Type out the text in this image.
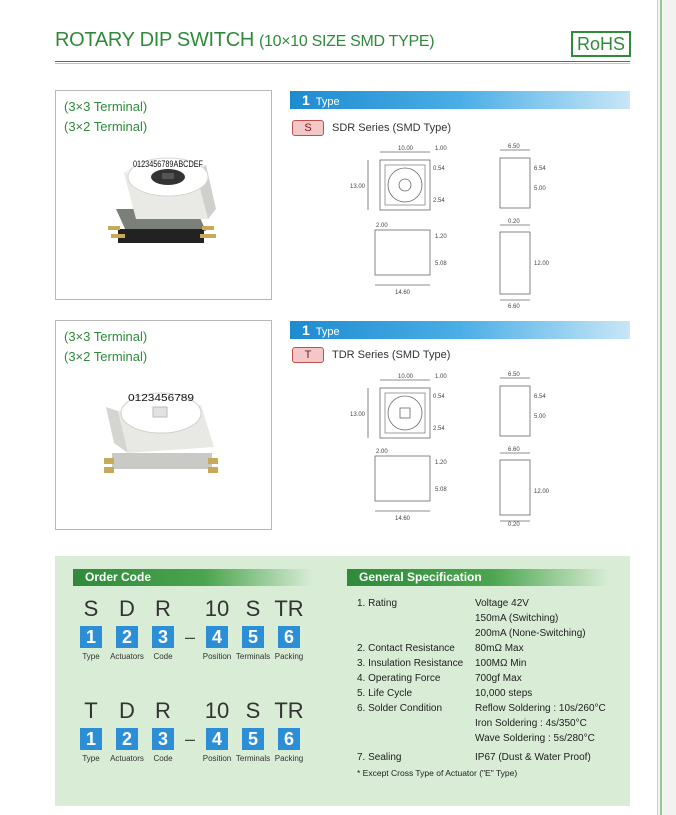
ROTARY DIP SWITCH (10×10 SIZE SMD TYPE)	RoHS
(3×3 Terminal)
(3×2 Terminal)
0123456789ABCDEF
1 Type
S SDR Series (SMD Type)
10.00	1.00
13.00
0.54
2.54
6.50
6.54
5.00
2.00
1.20
5.08
14.60
0.20
12.00
6.60
(3×3 Terminal)
(3×2 Terminal)
0123456789
1 Type
T TDR Series (SMD Type)
10.00	1.00
13.00
0.54
2.54
6.50
6.54
5.00
2.00
1.20
5.08
14.60
6.60
12.00
0.20
Order Code	General Specification
S D R	10 S TR
1	2	3 – 4	5	6
Type	Actuators	Code	Position Terminals Packing
T D R	10 S TR
1	2	3 – 4	5	6
Type	Actuators	Code	Position Terminals Packing
1. Rating	Voltage 42V
150mA (Switching)
200mA (None-Switching)
2. Contact Resistance	80mΩ Max
3. Insulation Resistance	100MΩ Min
4. Operating Force	700gf Max
5. Life Cycle	10,000 steps
6. Solder Condition	Reflow Soldering : 10s/260°C
Iron Soldering : 4s/350°C
Wave Soldering : 5s/280°C
7. Sealing	IP67 (Dust & Water Proof)
* Except Cross Type of Actuator ("E" Type)
